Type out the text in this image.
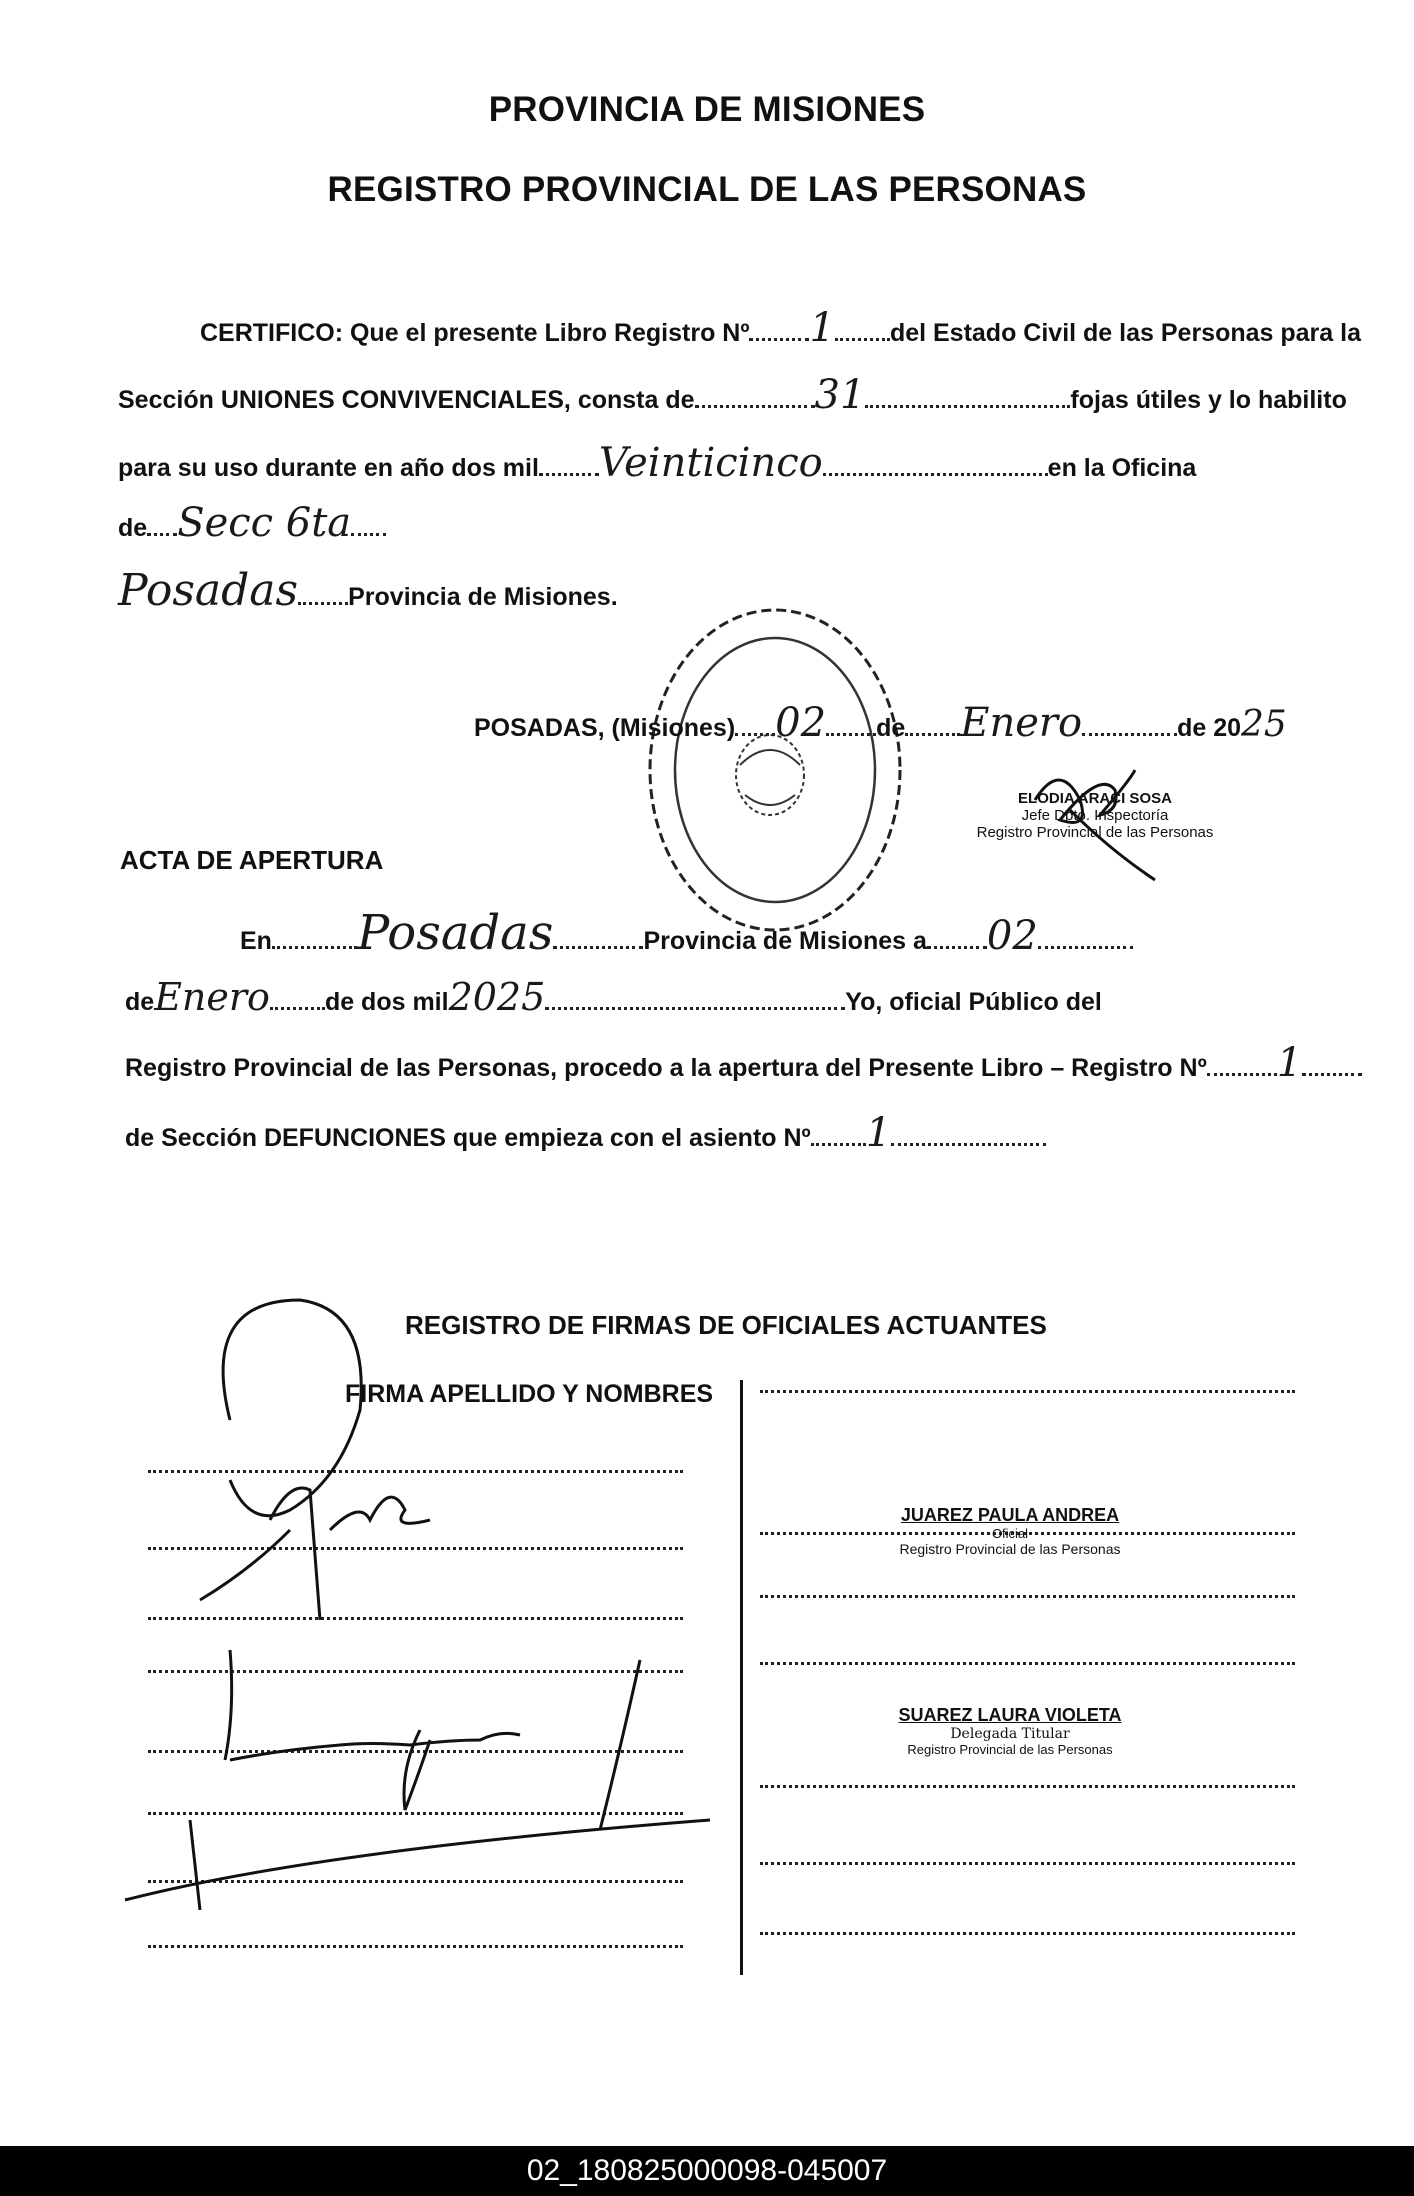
PROVINCIA DE MISIONES
REGISTRO PROVINCIAL DE LAS PERSONAS
CERTIFICO: Que el presente Libro Registro Nº 1 del Estado Civil de las Personas para la
Sección UNIONES CONVIVENCIALES, consta de	31	fojas útiles y lo habilito
para su uso durante en año dos mil Veinticinco	en la Oficina
de Secc 6ta
Posadas Provincia de Misiones.
POSADAS, (Misiones) 02 de Enero	de 2025
ELODIA ARACI SOSA
Jefe Dpto. Inspectoría
Registro Provincial de las Personas
ACTA DE APERTURA
En Posadas	Provincia de Misiones a 02
deEnero de dos mil2025	Yo, oficial Público del
Registro Provincial de las Personas, procedo a la apertura del Presente Libro – Registro Nº 1
de Sección DEFUNCIONES que empieza con el asiento Nº 1
REGISTRO DE FIRMAS DE OFICIALES ACTUANTES
FIRMA APELLIDO Y NOMBRES
JUAREZ PAULA ANDREA
Oficial
Registro Provincial de las Personas
SUAREZ LAURA VIOLETA
Delegada Titular
Registro Provincial de las Personas
02_180825000098-045007
